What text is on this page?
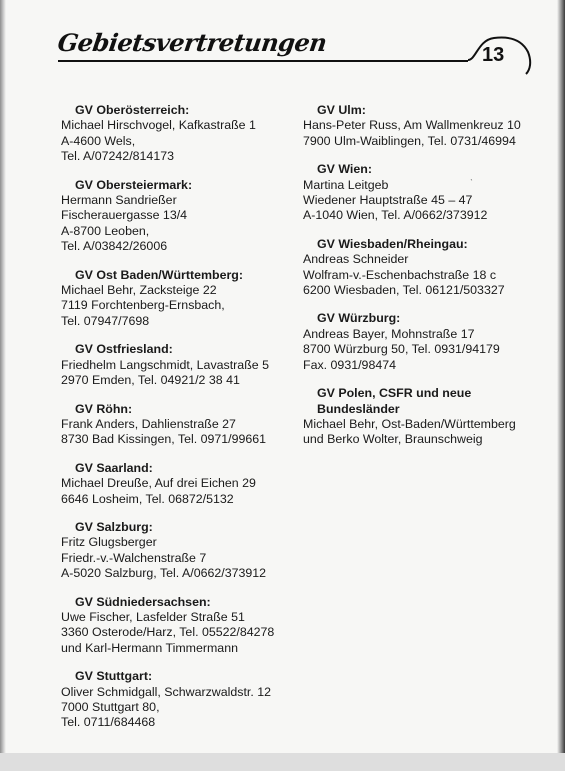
Gebietsvertretungen	13
ˋ
GV Oberösterreich:
Michael Hirschvogel, Kafkastraße 1
A-4600 Wels,
Tel. A/07242/814173
GV Obersteiermark:
Hermann Sandrießer
Fischerauergasse 13/4
A-8700 Leoben,
Tel. A/03842/26006
GV Ost Baden/Württemberg:
Michael Behr, Zacksteige 22
7119 Forchtenberg-Ernsbach,
Tel. 07947/7698
GV Ostfriesland:
Friedhelm Langschmidt, Lavastraße 5
2970 Emden, Tel. 04921/2 38 41
GV Röhn:
Frank Anders, Dahlienstraße 27
8730 Bad Kissingen, Tel. 0971/99661
GV Saarland:
Michael Dreuße, Auf drei Eichen 29
6646 Losheim, Tel. 06872/5132
GV Salzburg:
Fritz Glugsberger
Friedr.-v.-Walchenstraße 7
A-5020 Salzburg, Tel. A/0662/373912
GV Südniedersachsen:
Uwe Fischer, Lasfelder Straße 51
3360 Osterode/Harz, Tel. 05522/84278
und Karl-Hermann Timmermann
GV Stuttgart:
Oliver Schmidgall, Schwarzwaldstr. 12
7000 Stuttgart 80,
Tel. 0711/684468
GV Ulm:
Hans-Peter Russ, Am Wallmenkreuz 10
7900 Ulm-Waiblingen, Tel. 0731/46994
GV Wien:
Martina Leitgeb
Wiedener Hauptstraße 45 – 47
A-1040 Wien, Tel. A/0662/373912
GV Wiesbaden/Rheingau:
Andreas Schneider
Wolfram-v.-Eschenbachstraße 18 c
6200 Wiesbaden, Tel. 06121/503327
GV Würzburg:
Andreas Bayer, Mohnstraße 17
8700 Würzburg 50, Tel. 0931/94179
Fax. 0931/98474
GV Polen, CSFR und neue
Bundesländer
Michael Behr, Ost-Baden/Württemberg
und Berko Wolter, Braunschweig
